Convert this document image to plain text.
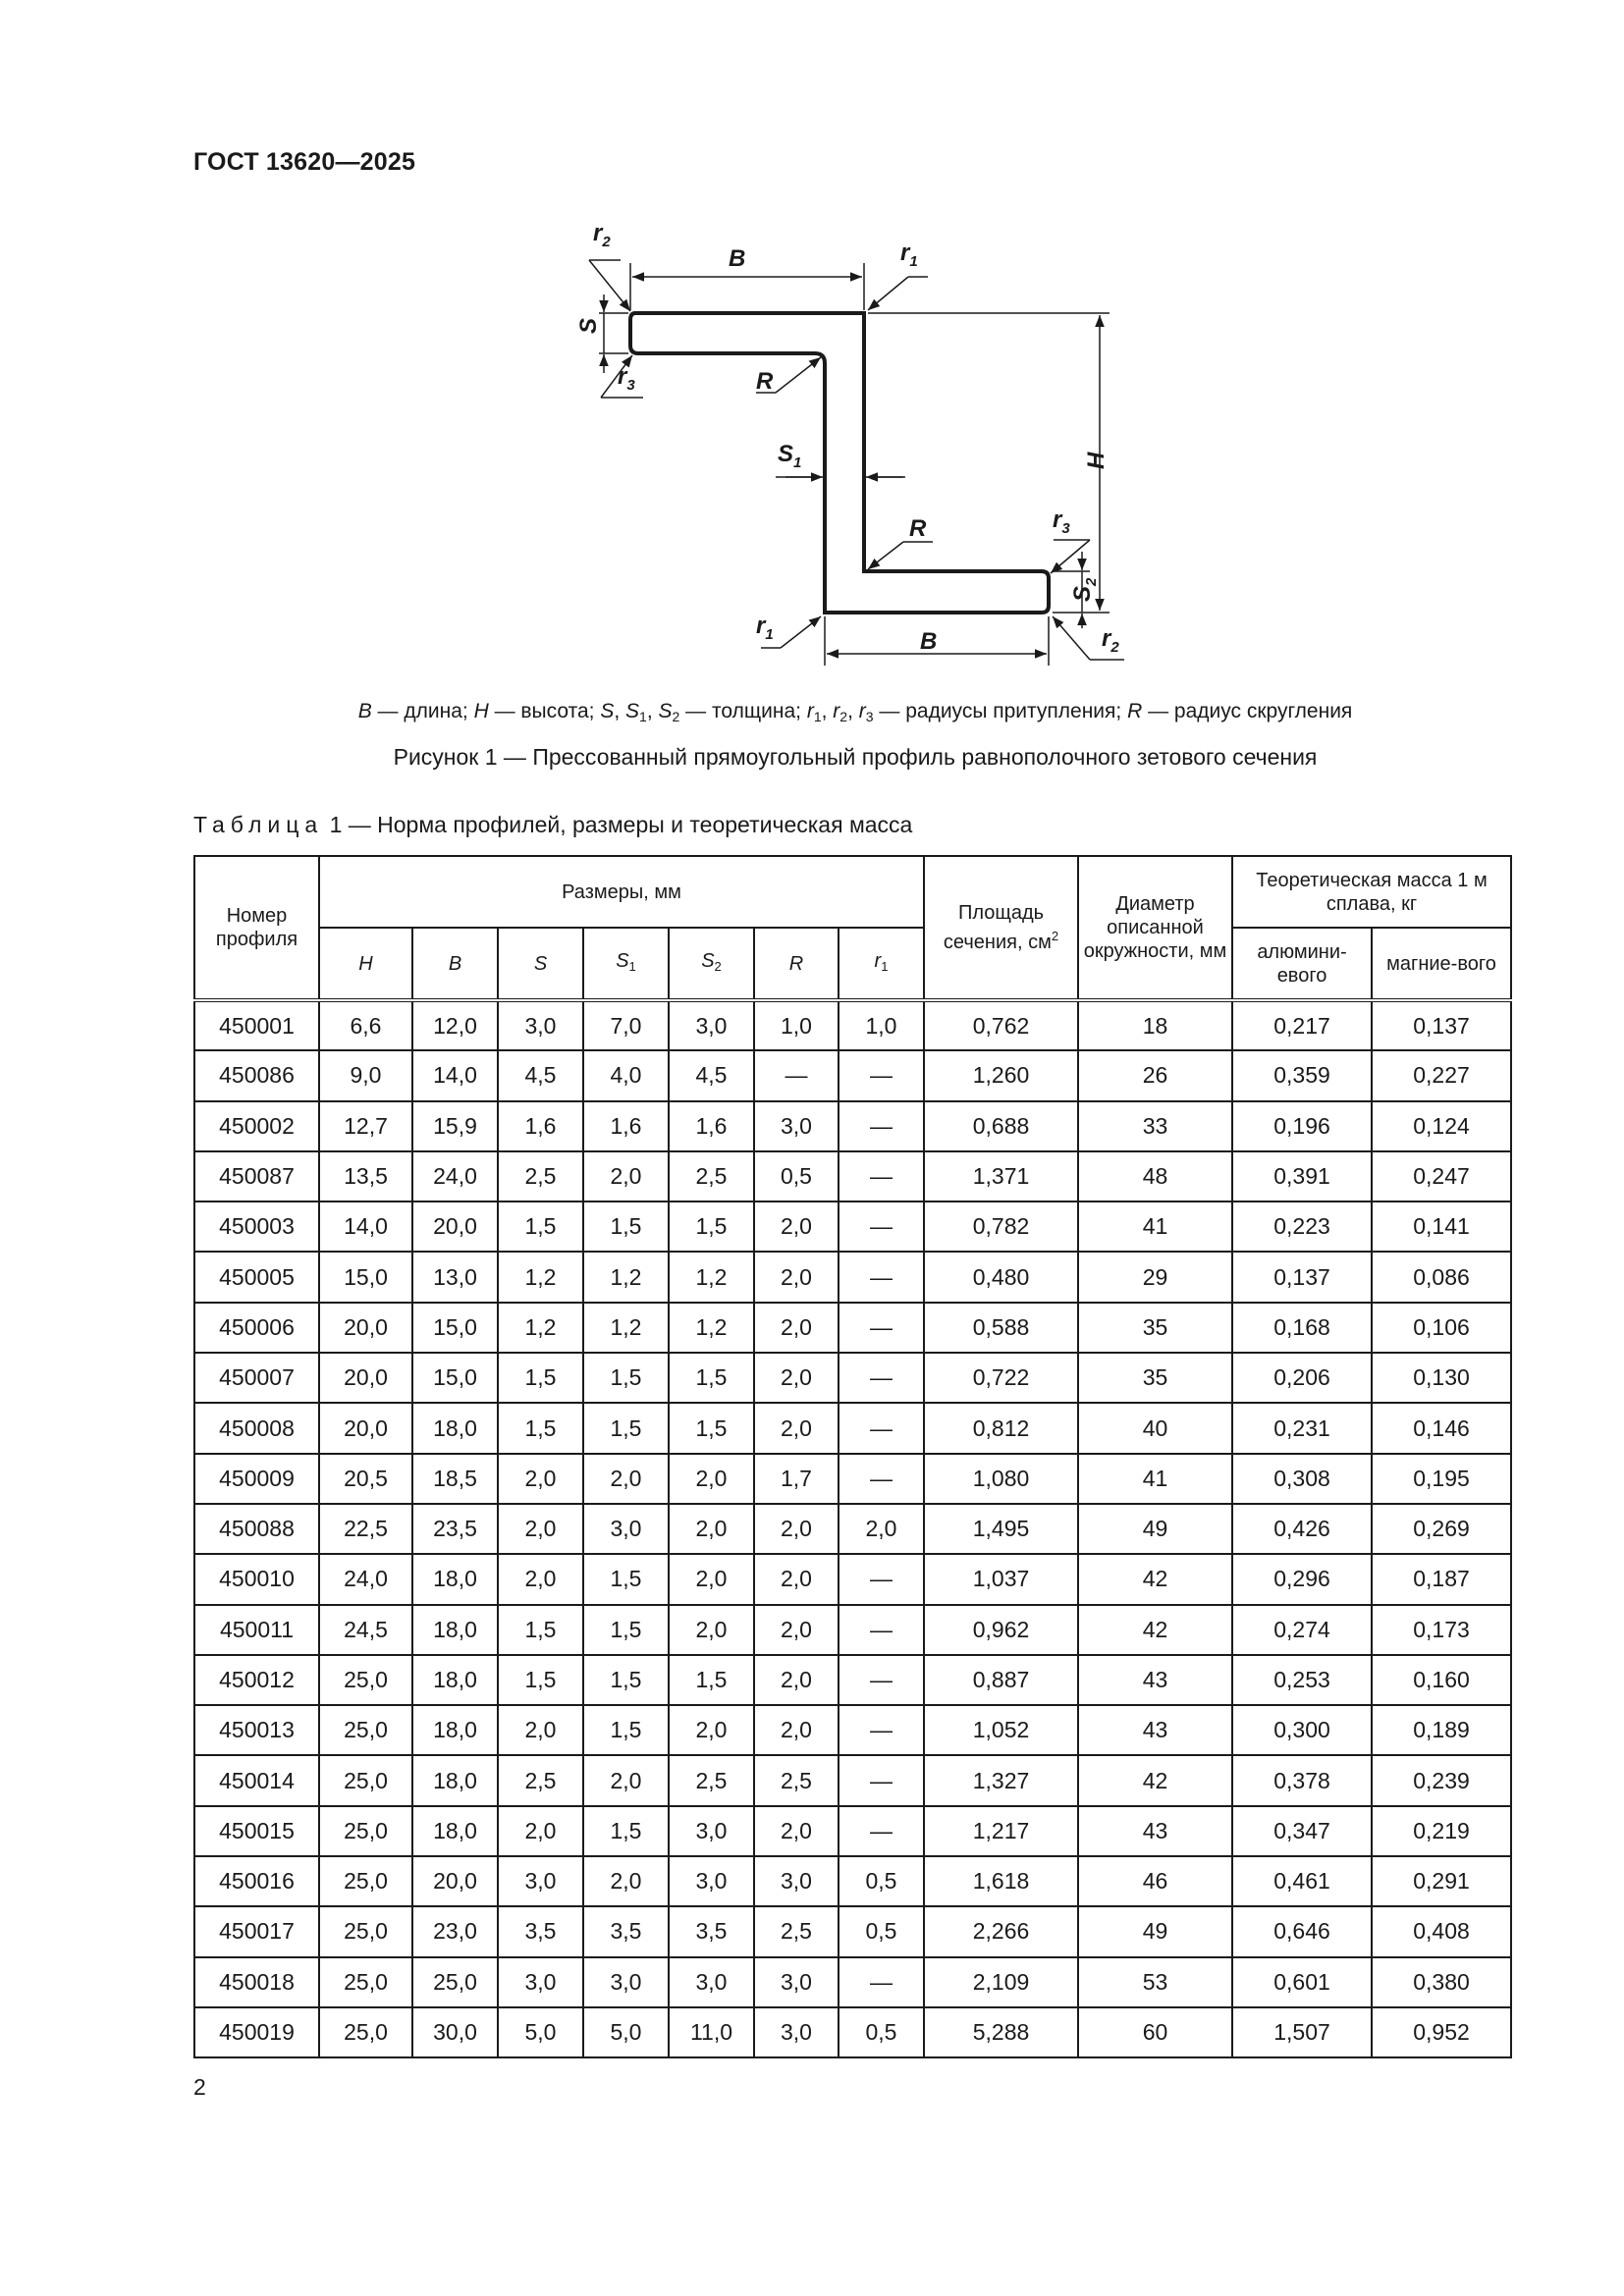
ГОСТ 13620—2025
B
B
H
S
$S_1$
$S_2$
R
R
$r_2$	$r_1$
$r_3$
$r_3$
$r_1$	$r_2$
B — длина; H — высота; S, $S_1$, $S_2$ — толщина; $r_1$, $r_2$, $r_3$ — радиусы притупления; R — радиус скругления
Рисунок 1 — Прессованный прямоугольный профиль равнополочного зетового сечения
Таблица 1 — Норма профилей, размеры и теоретическая масса
Номер профиля	Размеры, мм							Площадь сечения, $см^2$	Диаметр описанной окружности, мм	Теоретическая масса 1 м сплава, кг	
	H	B	S	$S_1$	$S_2$	R	$r_1$			алюмини-евого	магние-вого
450001	6,6	12,0	3,0	7,0	3,0	1,0	1,0	0,762	18	0,217	0,137
450086	9,0	14,0	4,5	4,0	4,5	—	—	1,260	26	0,359	0,227
450002	12,7	15,9	1,6	1,6	1,6	3,0	—	0,688	33	0,196	0,124
450087	13,5	24,0	2,5	2,0	2,5	0,5	—	1,371	48	0,391	0,247
450003	14,0	20,0	1,5	1,5	1,5	2,0	—	0,782	41	0,223	0,141
450005	15,0	13,0	1,2	1,2	1,2	2,0	—	0,480	29	0,137	0,086
450006	20,0	15,0	1,2	1,2	1,2	2,0	—	0,588	35	0,168	0,106
450007	20,0	15,0	1,5	1,5	1,5	2,0	—	0,722	35	0,206	0,130
450008	20,0	18,0	1,5	1,5	1,5	2,0	—	0,812	40	0,231	0,146
450009	20,5	18,5	2,0	2,0	2,0	1,7	—	1,080	41	0,308	0,195
450088	22,5	23,5	2,0	3,0	2,0	2,0	2,0	1,495	49	0,426	0,269
450010	24,0	18,0	2,0	1,5	2,0	2,0	—	1,037	42	0,296	0,187
450011	24,5	18,0	1,5	1,5	2,0	2,0	—	0,962	42	0,274	0,173
450012	25,0	18,0	1,5	1,5	1,5	2,0	—	0,887	43	0,253	0,160
450013	25,0	18,0	2,0	1,5	2,0	2,0	—	1,052	43	0,300	0,189
450014	25,0	18,0	2,5	2,0	2,5	2,5	—	1,327	42	0,378	0,239
450015	25,0	18,0	2,0	1,5	3,0	2,0	—	1,217	43	0,347	0,219
450016	25,0	20,0	3,0	2,0	3,0	3,0	0,5	1,618	46	0,461	0,291
450017	25,0	23,0	3,5	3,5	3,5	2,5	0,5	2,266	49	0,646	0,408
450018	25,0	25,0	3,0	3,0	3,0	3,0	—	2,109	53	0,601	0,380
450019	25,0	30,0	5,0	5,0	11,0	3,0	0,5	5,288	60	1,507	0,952
2
